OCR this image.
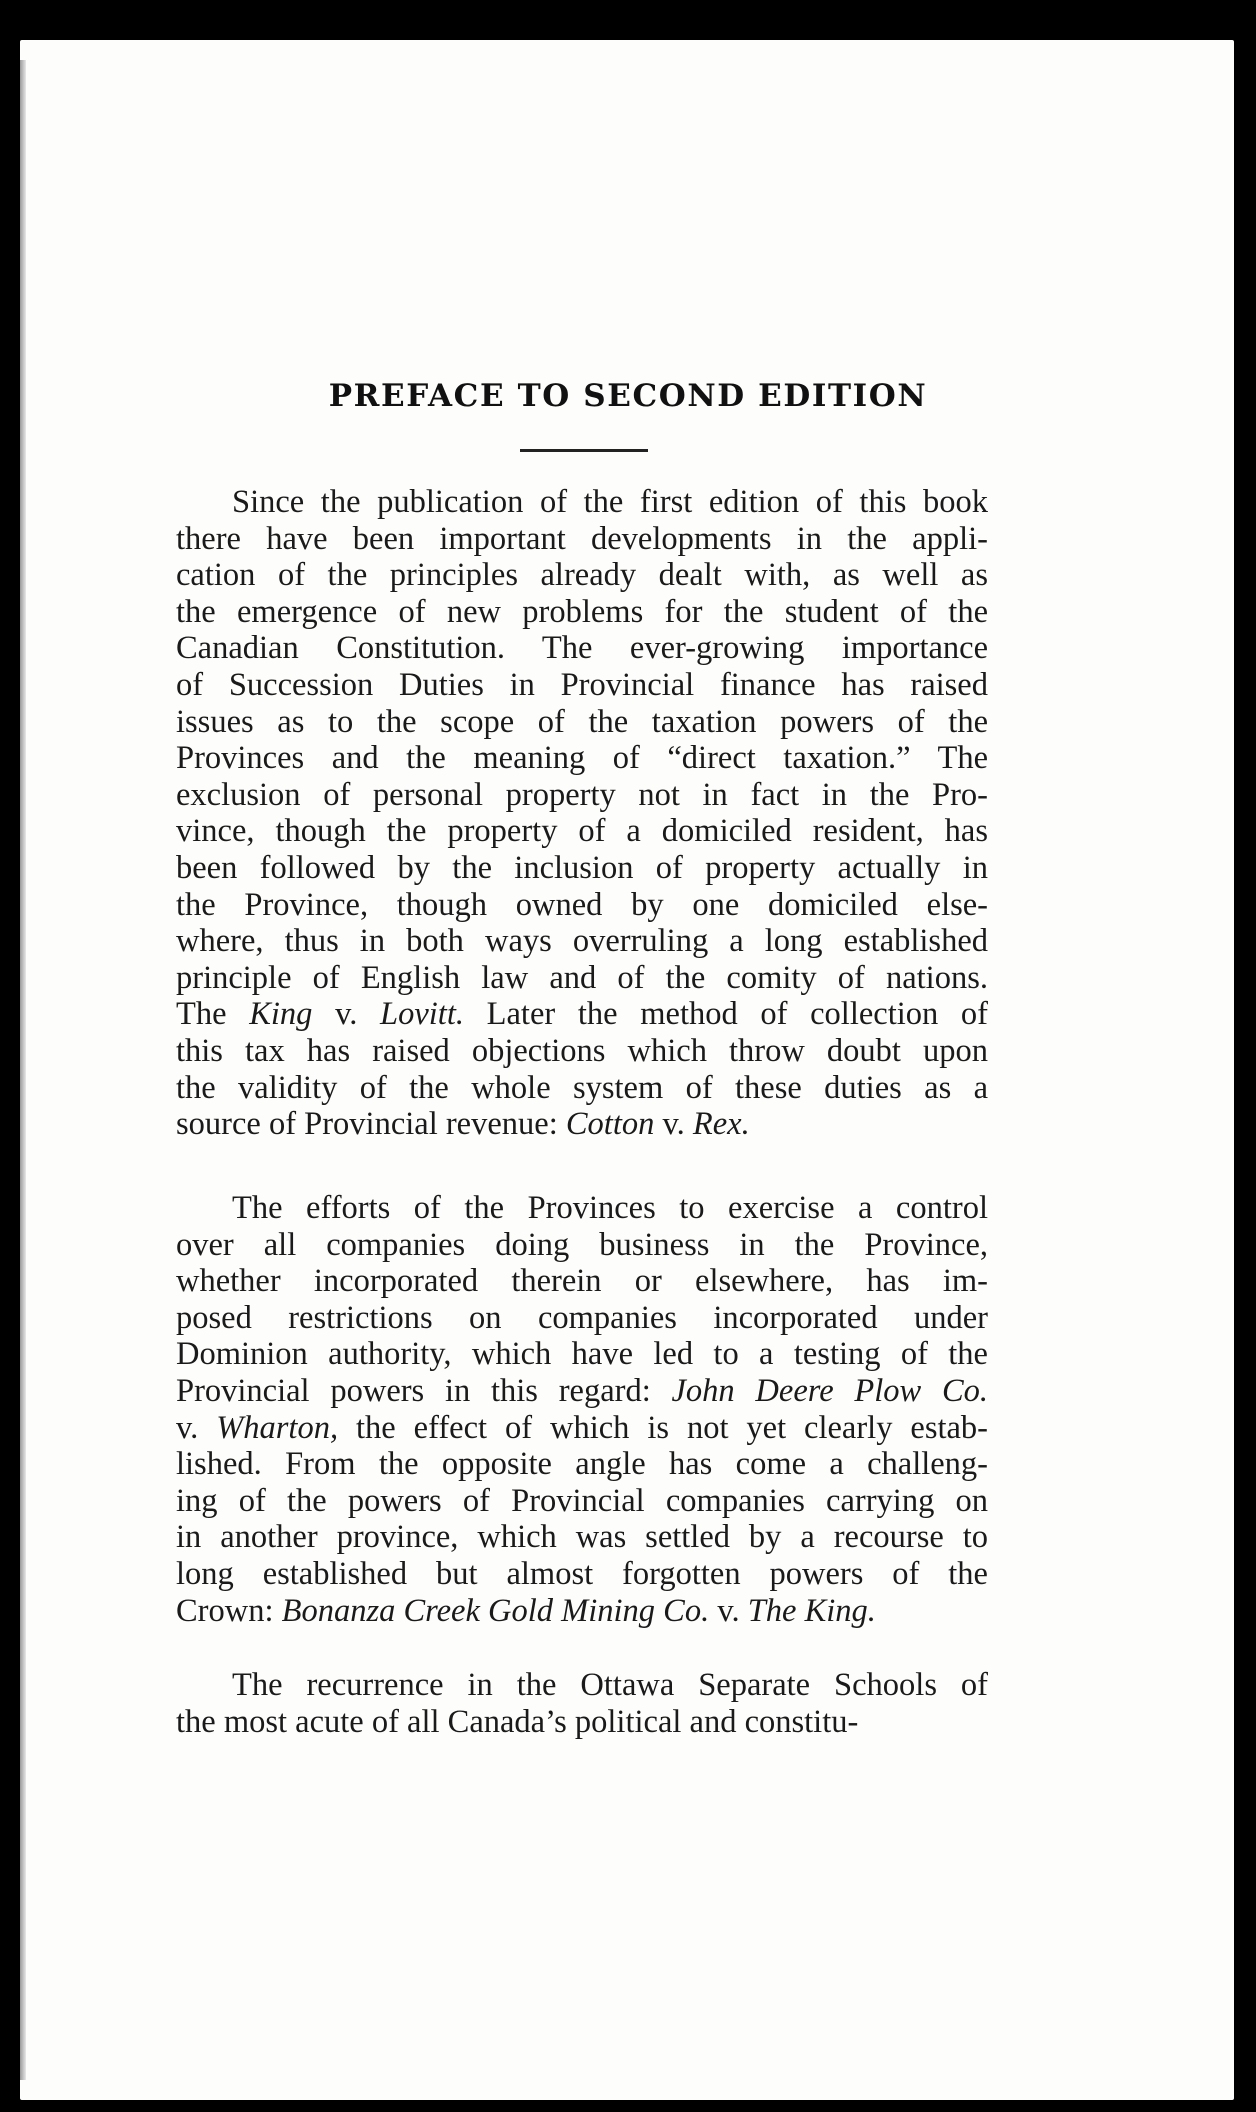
PREFACE TO SECOND EDITION
Since the publication of the first edition of this book
there have been important developments in the appli-
cation of the principles already dealt with, as well as
the emergence of new problems for the student of the
Canadian Constitution. The ever-growing importance
of Succession Duties in Provincial finance has raised
issues as to the scope of the taxation powers of the
Provinces and the meaning of “direct taxation.” The
exclusion of personal property not in fact in the Pro-
vince, though the property of a domiciled resident, has
been followed by the inclusion of property actually in
the Province, though owned by one domiciled else-
where, thus in both ways overruling a long established
principle of English law and of the comity of nations.
The King v. Lovitt. Later the method of collection of
this tax has raised objections which throw doubt upon
the validity of the whole system of these duties as a
source of Provincial revenue: Cotton v. Rex.
The efforts of the Provinces to exercise a control
over all companies doing business in the Province,
whether incorporated therein or elsewhere, has im-
posed restrictions on companies incorporated under
Dominion authority, which have led to a testing of the
Provincial powers in this regard: John Deere Plow Co.
v. Wharton, the effect of which is not yet clearly estab-
lished. From the opposite angle has come a challeng-
ing of the powers of Provincial companies carrying on
in another province, which was settled by a recourse to
long established but almost forgotten powers of the
Crown: Bonanza Creek Gold Mining Co. v. The King.
The recurrence in the Ottawa Separate Schools of
the most acute of all Canada’s political and constitu-
